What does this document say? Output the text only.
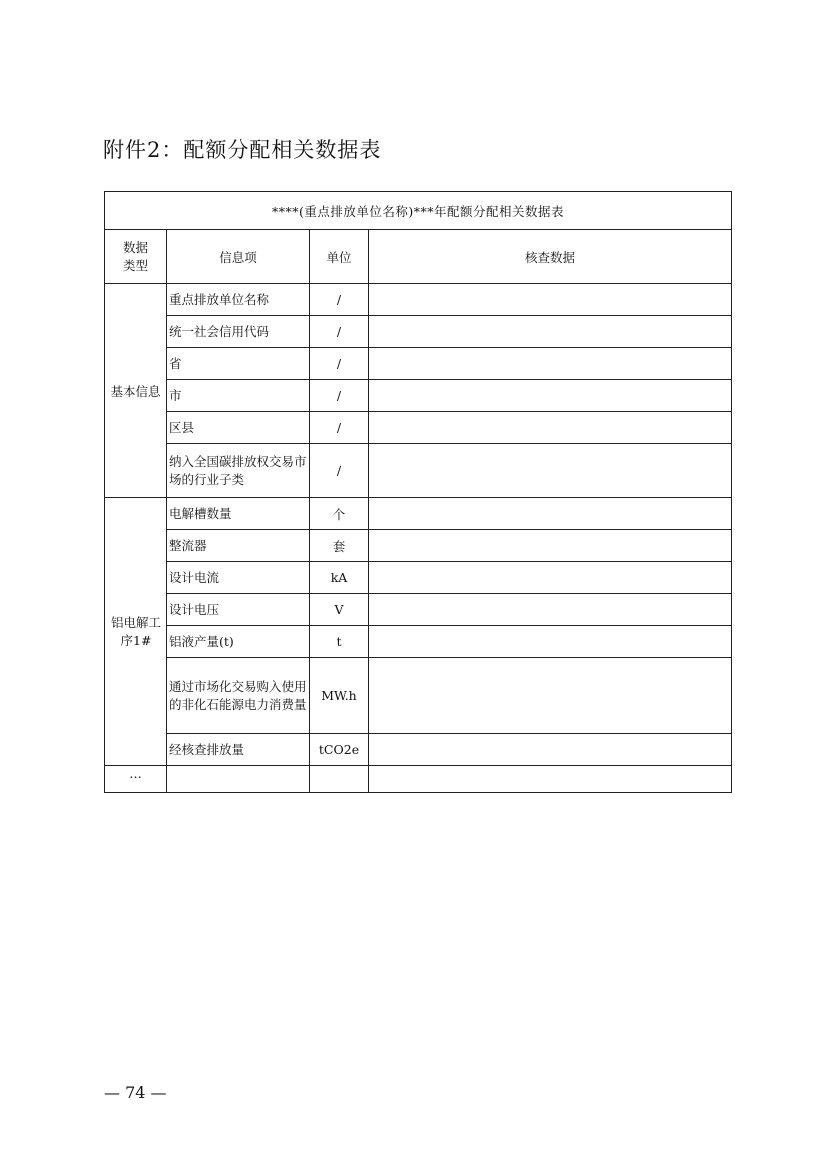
附件2：配额分配相关数据表
****(重点排放单位名称)***年配额分配相关数据表			

数据类型	信息项	单位	核查数据
基本信息	重点排放单位名称	/	
	统一社会信用代码	/	
	省	/	
	市	/	
	区县	/	
	纳入全国碳排放权交易市场的行业子类	/	

铝电解工序1#	电解槽数量	个	
	整流器	套	
	设计电流	kA	
	设计电压	V	
	铝液产量(t)	t	
	通过市场化交易购入使用的非化石能源电力消费量	MW.h	
	经核查排放量	tCO2e	
…			
— 74 —
